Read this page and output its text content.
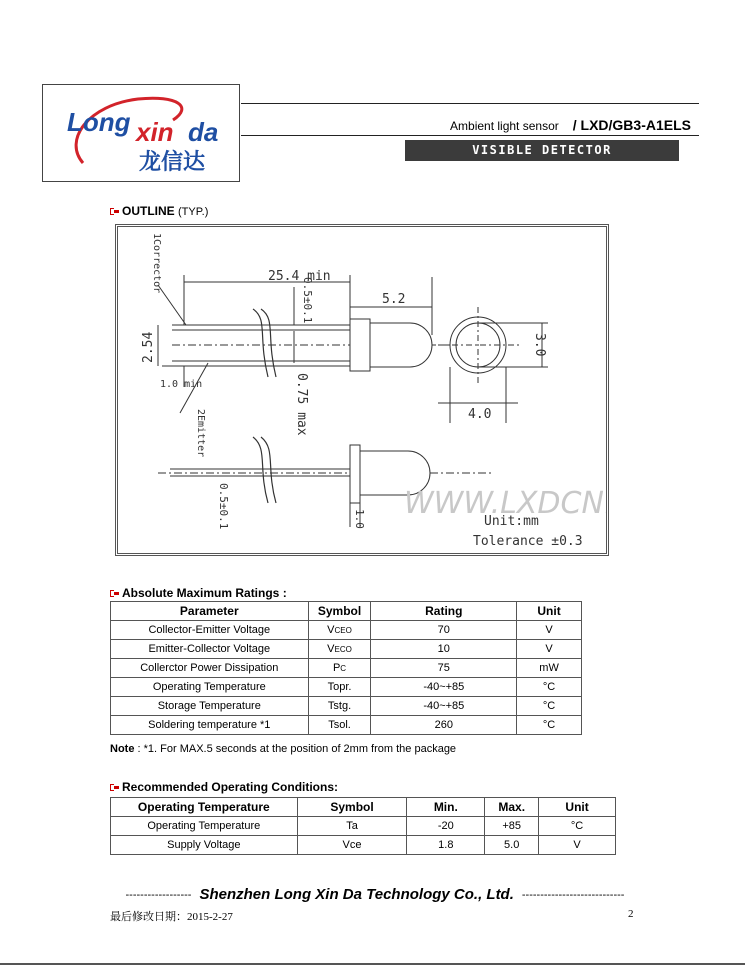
Long xin da
龙信达
Ambient light sensor / LXD/GB3-A1ELS
VISIBLE DETECTOR
OUTLINE (TYP.)
25.4 min
5.2
2.54
0.5±0.1
0.75 max
1.0 min
1Corrector
2Emitter
3.0
4.0
0.5±0.1	1.0 WWW.LXDCN
Unit:mm
Tolerance ±0.3
Absolute Maximum Ratings :
Parameter	Symbol	Rating	Unit
Collector-Emitter Voltage	VCEO	70	V
Emitter-Collector Voltage	VECO	10	V
Collerctor Power Dissipation	PC	75	mW
Operating Temperature	Topr.	-40~+85	°C
Storage Temperature	Tstg.	-40~+85	°C
Soldering temperature *1	Tsol.	260	°C
Note : *1. For MAX.5 seconds at the position of 2mm from the package
Recommended Operating Conditions:
Operating Temperature	Symbol	Min.	Max.	Unit
Operating Temperature	Ta	-20	+85	°C
Supply Voltage	Vce	1.8	5.0	V
------------------ Shenzhen Long Xin Da Technology Co., Ltd. ----------------------------
最后修改日期：2015-2-27	2
